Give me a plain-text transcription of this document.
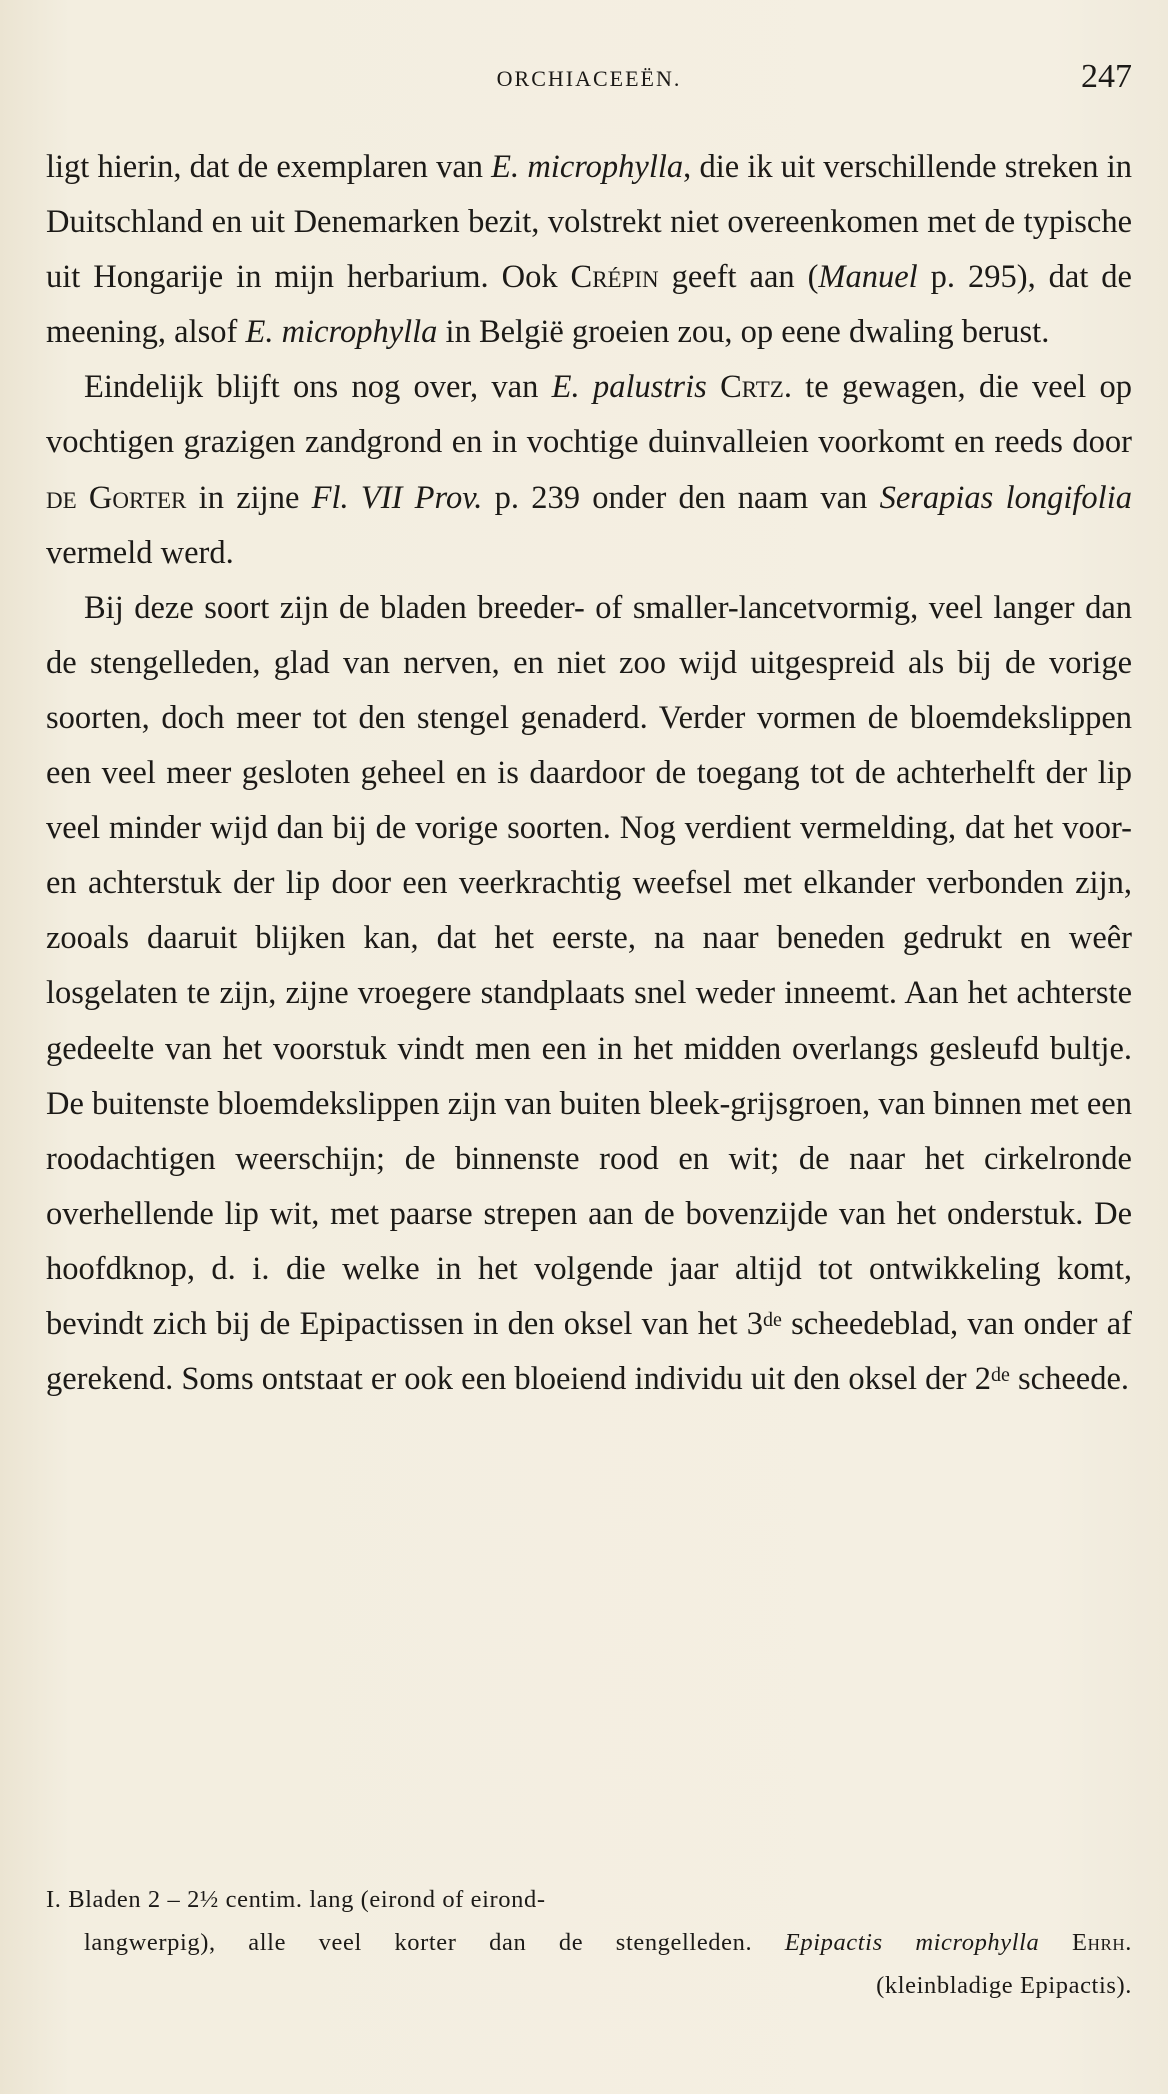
ORCHIACEEËN.	247

ligt hierin, dat de exemplaren van E. microphylla, die ik uit verschillende streken in Duitschland en uit Denemarken bezit, volstrekt niet overeenkomen met de typische uit Hongarije in mijn herbarium. Ook Crépin geeft aan (Manuel p. 295), dat de meening, alsof E. microphylla in België groeien zou, op eene dwaling berust.

Eindelijk blijft ons nog over, van E. palustris Crtz. te gewagen, die veel op vochtigen grazigen zandgrond en in vochtige duinvalleien voorkomt en reeds door de Gorter in zijne Fl. VII Prov. p. 239 onder den naam van Serapias longifolia vermeld werd.

Bij deze soort zijn de bladen breeder- of smaller-lancetvormig, veel langer dan de stengelleden, glad van nerven, en niet zoo wijd uitgespreid als bij de vorige soorten, doch meer tot den stengel genaderd. Verder vormen de bloemdekslippen een veel meer gesloten geheel en is daardoor de toegang tot de achterhelft der lip veel minder wijd dan bij de vorige soorten. Nog verdient vermelding, dat het voor- en achterstuk der lip door een veerkrachtig weefsel met elkander verbonden zijn, zooals daaruit blijken kan, dat het eerste, na naar beneden gedrukt en weêr losgelaten te zijn, zijne vroegere standplaats snel weder inneemt. Aan het achterste gedeelte van het voorstuk vindt men een in het midden overlangs gesleufd bultje. De buitenste bloemdekslippen zijn van buiten bleek-grijsgroen, van binnen met een roodachtigen weerschijn; de binnenste rood en wit; de naar het cirkelronde overhellende lip wit, met paarse strepen aan de bovenzijde van het onderstuk. De hoofdknop, d. i. die welke in het volgende jaar altijd tot ontwikkeling komt, bevindt zich bij de Epipactissen in den oksel van het 3de scheedeblad, van onder af gerekend. Soms ontstaat er ook een bloeiend individu uit den oksel der 2de scheede.

I. Bladen 2 – 2½ centim. lang (eirond of eirond-
langwerpig), alle veel korter dan de stengelleden. Epipactis microphylla Ehrh.
(kleinbladige Epipactis).
